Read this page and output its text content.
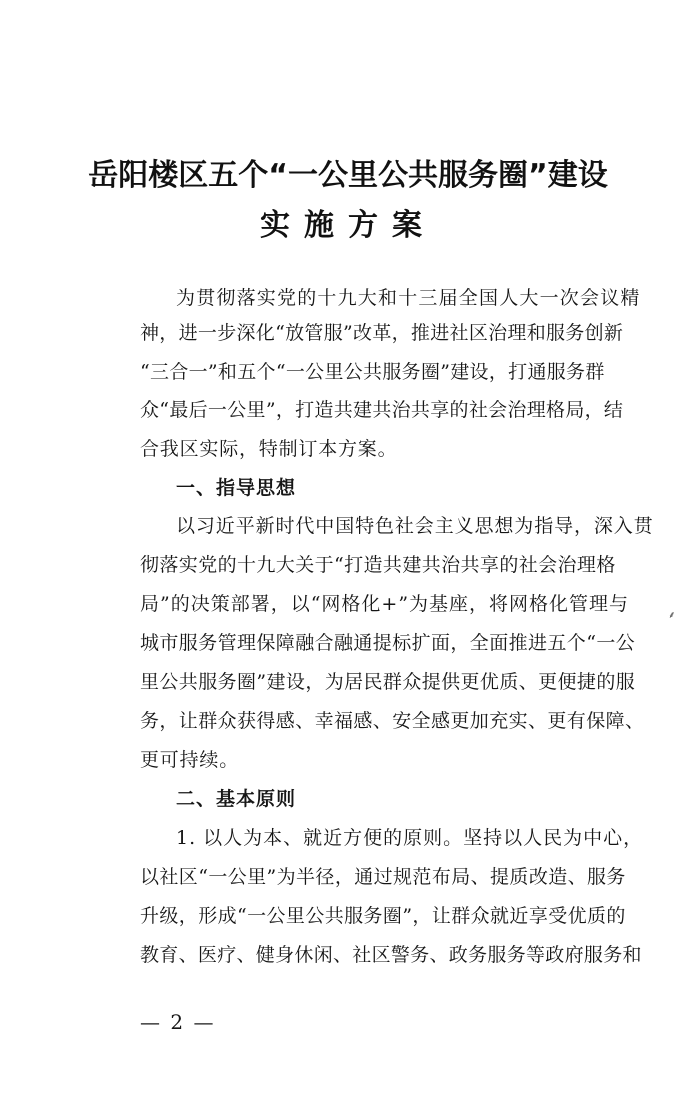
岳阳楼区五个“一公里公共服务圈”建设
实施方案
为贯彻落实党的十九大和十三届全国人大一次会议精
神，进一步深化“放管服”改革，推进社区治理和服务创新
“三合一”和五个“一公里公共服务圈”建设，打通服务群
众“最后一公里”，打造共建共治共享的社会治理格局，结
合我区实际，特制订本方案。
一、指导思想
以习近平新时代中国特色社会主义思想为指导，深入贯
彻落实党的十九大关于“打造共建共治共享的社会治理格
局”的决策部署，以“网格化+”为基座，将网格化管理与
城市服务管理保障融合融通提标扩面，全面推进五个“一公
里公共服务圈”建设，为居民群众提供更优质、更便捷的服
务，让群众获得感、幸福感、安全感更加充实、更有保障、
更可持续。
二、基本原则
1. 以人为本、就近方便的原则。坚持以人民为中心，
以社区“一公里”为半径，通过规范布局、提质改造、服务
升级，形成“一公里公共服务圈”，让群众就近享受优质的
教育、医疗、健身休闲、社区警务、政务服务等政府服务和
— 2 —
⸙
